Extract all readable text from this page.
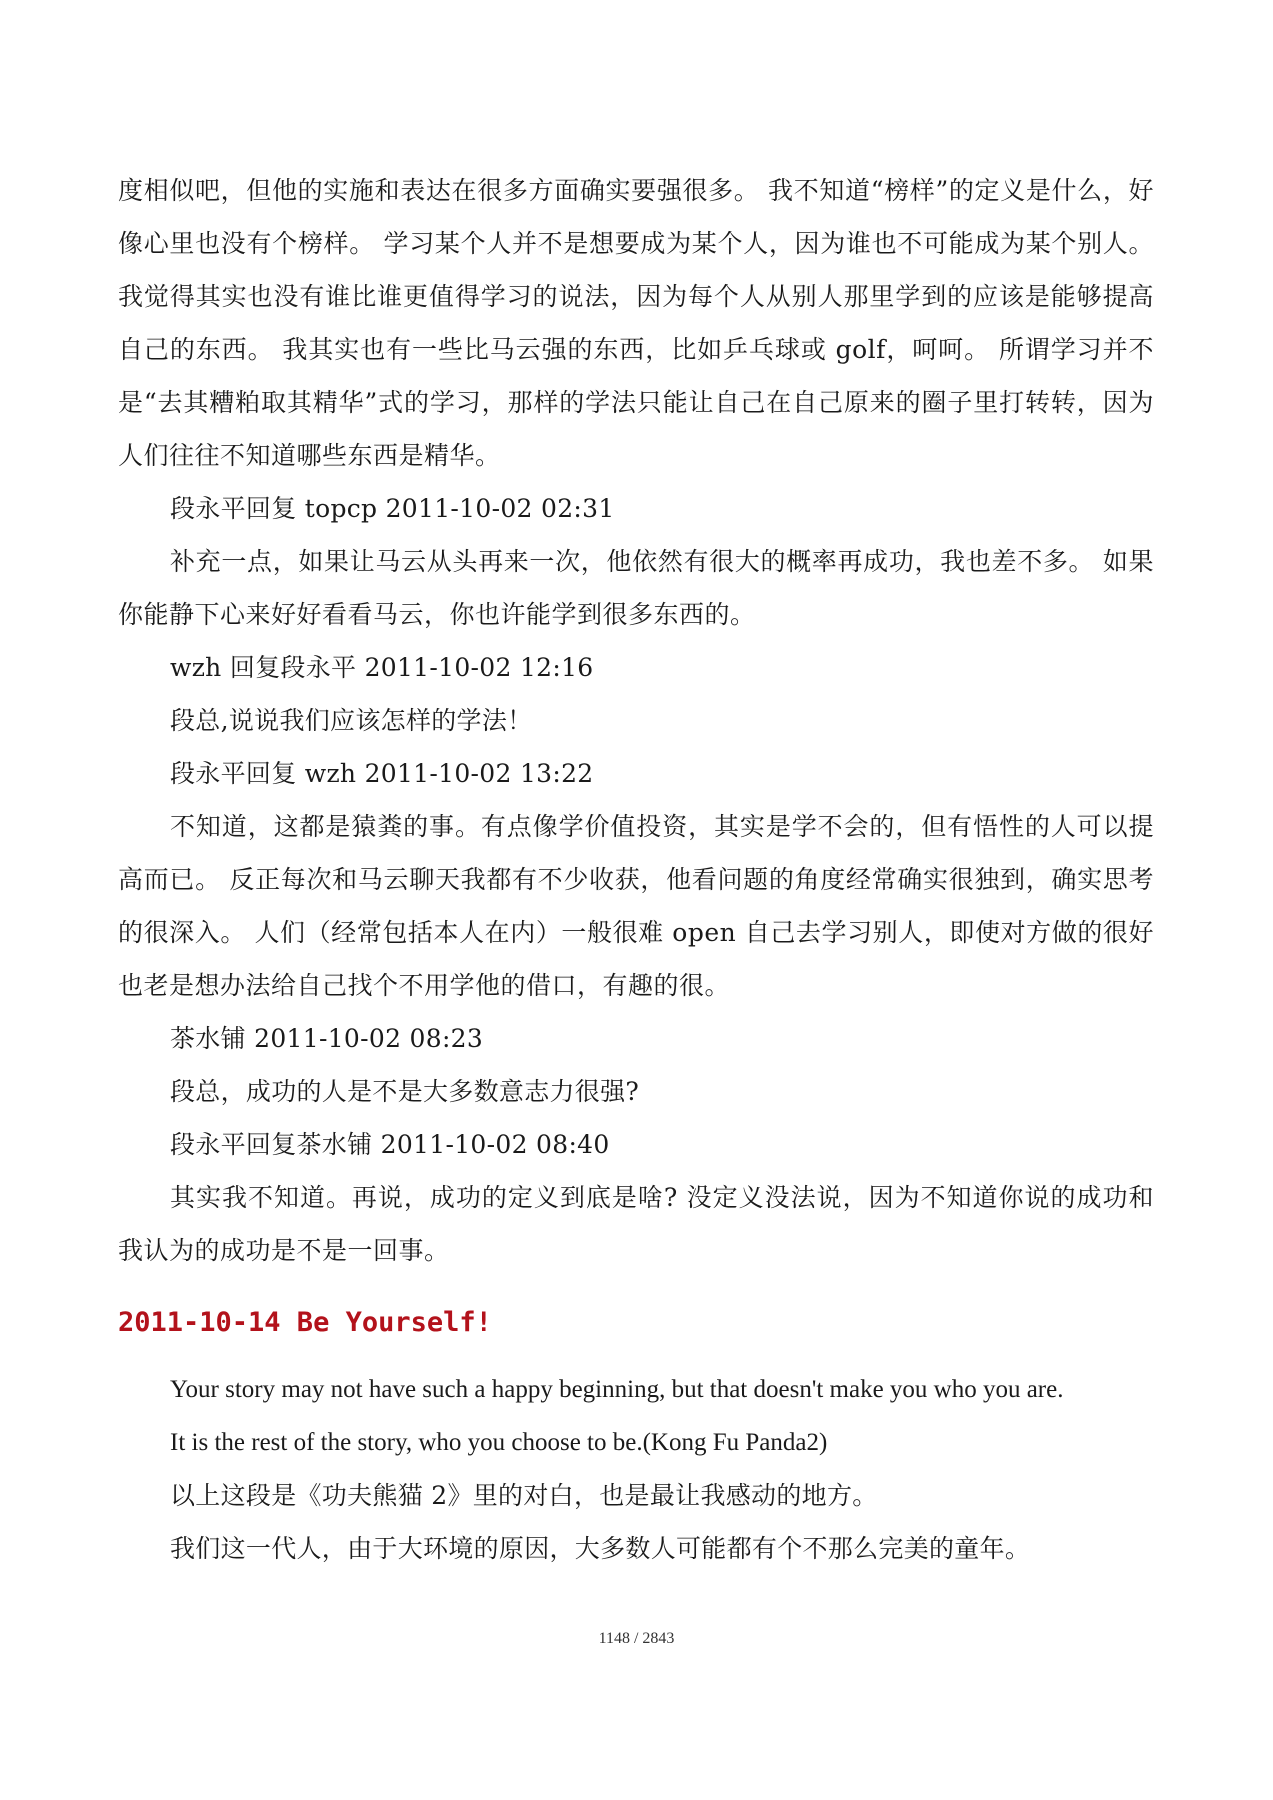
度相似吧，但他的实施和表达在很多方面确实要强很多。 我不知道“榜样”的定义是什么，好像心里也没有个榜样。 学习某个人并不是想要成为某个人，因为谁也不可能成为某个别人。 我觉得其实也没有谁比谁更值得学习的说法，因为每个人从别人那里学到的应该是能够提高自己的东西。 我其实也有一些比马云强的东西，比如乒乓球或 golf，呵呵。 所谓学习并不是“去其糟粕取其精华”式的学习，那样的学法只能让自己在自己原来的圈子里打转转，因为人们往往不知道哪些东西是精华。

段永平回复 topcp 2011-10-02 02:31

补充一点，如果让马云从头再来一次，他依然有很大的概率再成功，我也差不多。 如果你能静下心来好好看看马云，你也许能学到很多东西的。

wzh 回复段永平 2011-10-02 12:16

段总,说说我们应该怎样的学法！

段永平回复 wzh 2011-10-02 13:22

不知道，这都是猿粪的事。有点像学价值投资，其实是学不会的，但有悟性的人可以提高而已。 反正每次和马云聊天我都有不少收获，他看问题的角度经常确实很独到，确实思考的很深入。 人们（经常包括本人在内）一般很难 open 自己去学习别人，即使对方做的很好也老是想办法给自己找个不用学他的借口，有趣的很。

茶水铺 2011-10-02 08:23

段总，成功的人是不是大多数意志力很强?

段永平回复茶水铺 2011-10-02 08:40

其实我不知道。再说，成功的定义到底是啥? 没定义没法说，因为不知道你说的成功和我认为的成功是不是一回事。

2011-10-14 Be Yourself!

Your story may not have such a happy beginning, but that doesn't make you who you are.

It is the rest of the story, who you choose to be.(Kong Fu Panda2)

以上这段是《功夫熊猫 2》里的对白，也是最让我感动的地方。

我们这一代人，由于大环境的原因，大多数人可能都有个不那么完美的童年。

1148 / 2843
